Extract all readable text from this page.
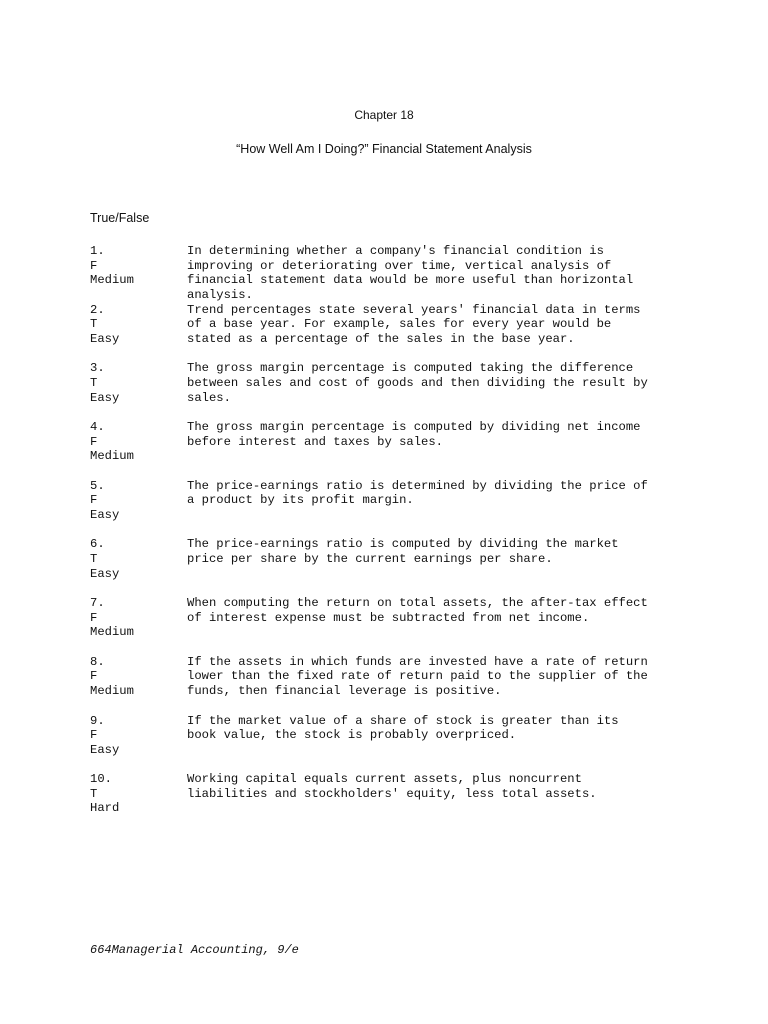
Chapter 18
“How Well Am I Doing?” Financial Statement Analysis
True/False
1.
F
Medium
In determining whether a company's financial condition is
improving or deteriorating over time, vertical analysis of
financial statement data would be more useful than horizontal
analysis.
2.
T
Easy
Trend percentages state several years' financial data in terms
of a base year. For example, sales for every year would be
stated as a percentage of the sales in the base year.
3.
T
Easy
The gross margin percentage is computed taking the difference
between sales and cost of goods and then dividing the result by
sales.
4.
F
Medium
The gross margin percentage is computed by dividing net income
before interest and taxes by sales.
5.
F
Easy
The price-earnings ratio is determined by dividing the price of
a product by its profit margin.
6.
T
Easy
The price-earnings ratio is computed by dividing the market
price per share by the current earnings per share.
7.
F
Medium
When computing the return on total assets, the after-tax effect
of interest expense must be subtracted from net income.
8.
F
Medium
If the assets in which funds are invested have a rate of return
lower than the fixed rate of return paid to the supplier of the
funds, then financial leverage is positive.
9.
F
Easy
If the market value of a share of stock is greater than its
book value, the stock is probably overpriced.
10.
T
Hard
Working capital equals current assets, plus noncurrent
liabilities and stockholders' equity, less total assets.
664Managerial Accounting, 9/e
